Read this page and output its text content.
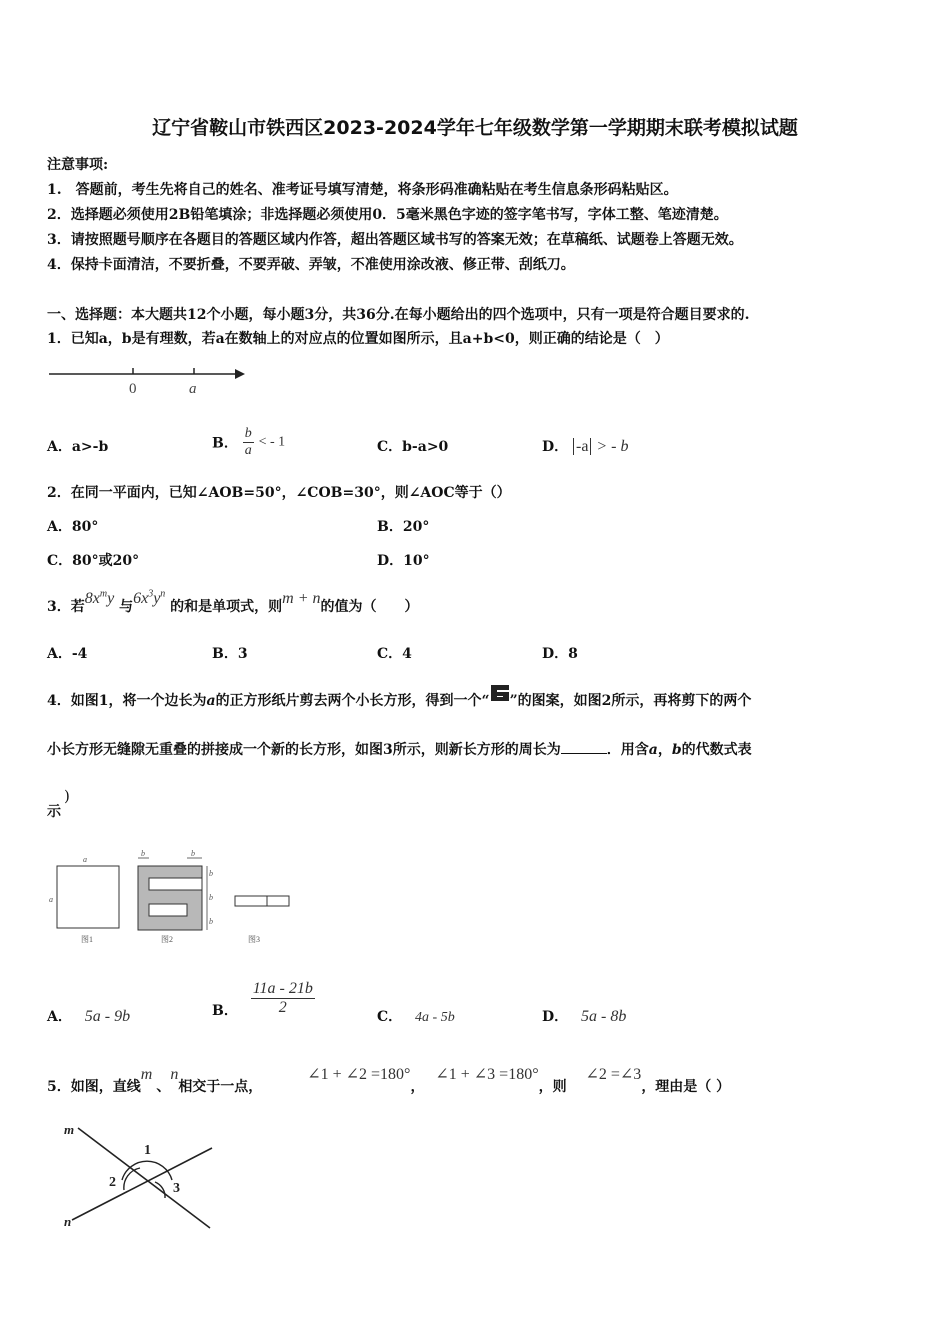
辽宁省鞍山市铁西区2023-2024学年七年级数学第一学期期末联考模拟试题
注意事项:
1.　答题前，考生先将自己的姓名、准考证号填写清楚，将条形码准确粘贴在考生信息条形码粘贴区。
2．选择题必须使用2B铅笔填涂；非选择题必须使用0．5毫米黑色字迹的签字笔书写，字体工整、笔迹清楚。
3．请按照题号顺序在各题目的答题区域内作答，超出答题区域书写的答案无效；在草稿纸、试题卷上答题无效。
4．保持卡面清洁，不要折叠，不要弄破、弄皱，不准使用涂改液、修正带、刮纸刀。
一、选择题：本大题共12个小题，每小题3分，共36分.在每小题给出的四个选项中，只有一项是符合题目要求的.
1．已知a，b是有理数，若a在数轴上的对应点的位置如图所示，且a+b<0，则正确的结论是（　）
0	a
A．a>-b	B． $\frac{b}{a}$ < - 1	C．b-a>0	D． -a > - b
2．在同一平面内，已知∠AOB=50°，∠COB=30°，则∠AOC等于（）
A．80°	B．20°
C．80°或20°	D．10°
3．若$8x^my$ 与$6x^3y^n$ 的和是单项式，则m + n的值为（　　）
A．-4	B．3	C．4	D．8
4．如图1，将一个边长为a的正方形纸片剪去两个小长方形，得到一个“ ”的图案，如图2所示，再将剪下的两个
小长方形无缝隙无重叠的拼接成一个新的长方形，如图3所示，则新长方形的周长为	．用含a，b的代数式表
示
)
a
a
图1
b	b
b
b
b
图2	图3
A． 5a - 9b	B． $\frac{11a - 21b}{2}$	C． 4a - 5b	D． 5a - 8b
5．如图，直线m、n相交于一点， ∠1 + ∠2 =180°， ∠1 + ∠3 =180°，则 ∠2 =∠3，理由是（ ）
m
n
1
2	3
